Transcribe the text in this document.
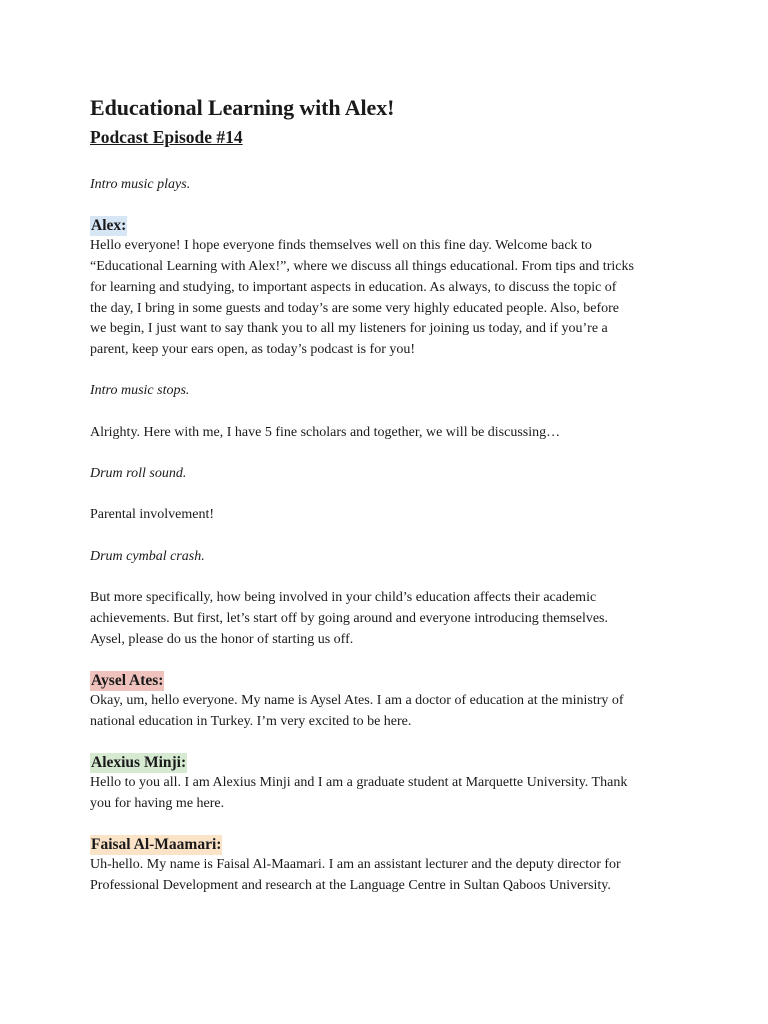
Educational Learning with Alex!
Podcast Episode #14

Intro music plays.

Alex:

Hello everyone! I hope everyone finds themselves well on this fine day. Welcome back to

“Educational Learning with Alex!”, where we discuss all things educational. From tips and tricks

for learning and studying, to important aspects in education. As always, to discuss the topic of

the day, I bring in some guests and today’s are some very highly educated people. Also, before

we begin, I just want to say thank you to all my listeners for joining us today, and if you’re a

parent, keep your ears open, as today’s podcast is for you!

Intro music stops.

Alrighty. Here with me, I have 5 fine scholars and together, we will be discussing…

Drum roll sound.

Parental involvement!

Drum cymbal crash.

But more specifically, how being involved in your child’s education affects their academic

achievements. But first, let’s start off by going around and everyone introducing themselves.

Aysel, please do us the honor of starting us off.

Aysel Ates:

Okay, um, hello everyone. My name is Aysel Ates. I am a doctor of education at the ministry of

national education in Turkey. I’m very excited to be here.

Alexius Minji:

Hello to you all. I am Alexius Minji and I am a graduate student at Marquette University. Thank

you for having me here.

Faisal Al-Maamari:

Uh-hello. My name is Faisal Al-Maamari. I am an assistant lecturer and the deputy director for

Professional Development and research at the Language Centre in Sultan Qaboos University.
